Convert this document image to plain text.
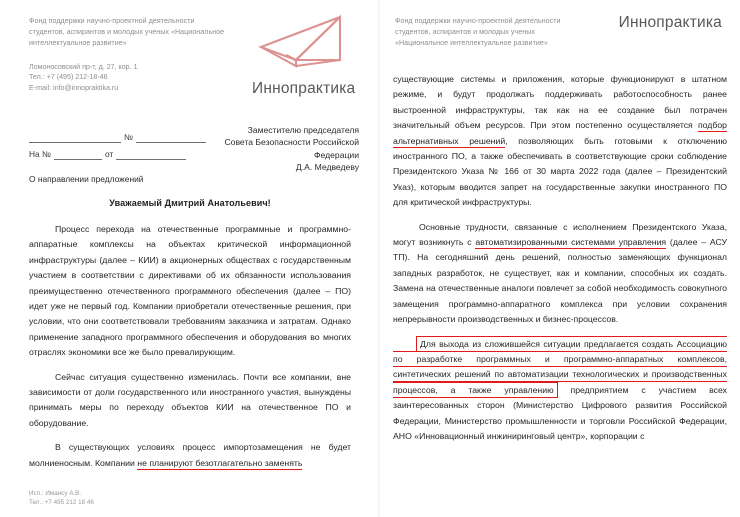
Фонд поддержки научно-проектной деятельности студентов, аспирантов и молодых ученых «Национальное интеллектуальное развитие»
Ломоносовский пр-т, д. 27, кор. 1
Тел.: +7 (495) 212-18-46
E-mail: info@innopraktika.ru	Иннопрактика
№
На №	от
Заместителю председателя
Совета Безопасности Российской
Федерации
Д.А. Медведеву
О направлении предложений
Уважаемый Дмитрий Анатольевич!

Процесс перехода на отечественные программные и программно-аппаратные комплексы на объектах критической информационной инфраструктуры (далее – КИИ) в акционерных обществах с государственным участием в соответствии с директивами об их обязанности использования преимущественно отечественного программного обеспечения (далее – ПО) идет уже не первый год. Компании приобретали отечественные решения, при условии, что они соответствовали требованиям заказчика и затратам. Однако применение западного программного обеспечения и оборудования во многих отраслях экономики все же было превалирующим.

Сейчас ситуация существенно изменилась. Почти все компании, вне зависимости от доли государственного или иностранного участия, вынуждены принимать меры по переходу объектов КИИ на отечественное ПО и оборудование.

В существующих условиях процесс импортозамещения не будет молниеносным. Компании не планируют безотлагательно заменять

Исп.: Имансу А.В.
Тел.: +7 495 212 18 46
Фонд поддержки научно-проектной деятельности студентов, аспирантов и молодых ученых «Национальное интеллектуальное развитие»
Иннопрактика

существующие системы и приложения, которые функционируют в штатном режиме, и будут продолжать поддерживать работоспособность ранее выстроенной инфраструктуры, так как на ее создание был потрачен значительный объем ресурсов. При этом постепенно осуществляется подбор альтернативных решений, позволяющих быть готовыми к отключению иностранного ПО, а также обеспечивать в соответствующие сроки соблюдение Президентского Указа № 166 от 30 марта 2022 года (далее – Президентский Указ), которым вводится запрет на государственные закупки иностранного ПО для критической инфраструктуры.

Основные трудности, связанные с исполнением Президентского Указа, могут возникнуть с автоматизированными системами управления (далее – АСУ ТП). На сегодняшний день решений, полностью заменяющих функционал западных разработок, не существует, как и компании, способных их создать. Замена на отечественные аналоги повлечет за собой необходимость совокупного замещения программно-аппаратного комплекса при условии сохранения непрерывности производственных и бизнес-процессов.

Для выхода из сложившейся ситуации предлагается создать Ассоциацию по разработке программных и программно-аппаратных комплексов, синтетических решений по автоматизации технологических и производственных процессов, а также управлению предприятием с участием всех заинтересованных сторон (Министерство Цифрового развития Российской Федерации, Министерство промышленности и торговли Российской Федерации, АНО «Инновационный инжиниринговый центр», корпорации с
